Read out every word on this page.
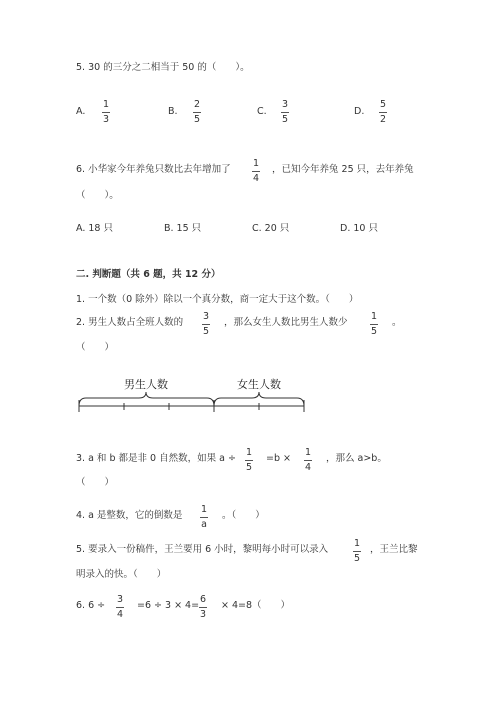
5. 30 的三分之二相当于 50 的（　　）。
A.
1
3
B.
2
5
C.
3
5
D.
5
2
6. 小华家今年养兔只数比去年增加了
1
4
，已知今年养兔 25 只，去年养兔
（　　）。
A. 18 只	B. 15 只	C. 20 只	D. 10 只
二. 判断题（共 6 题，共 12 分）
1. 一个数（0 除外）除以一个真分数，商一定大于这个数。（　　）
2. 男生人数占全班人数的
3
5
，那么女生人数比男生人数少
1
5
。
（　　）
男生人数	女生人数
3. a 和 b 都是非 0 自然数，如果 a ÷
1
5
=b ×
1
4
，那么 a>b。
（　　）
4. a 是整数，它的倒数是
1
a
。（　　）
5. 要录入一份稿件，王兰要用 6 小时，黎明每小时可以录入
1
5
，王兰比黎
明录入的快。（　　）
6. 6 ÷
3
4
=6 ÷ 3 × 4=
6
3
× 4=8（　　）
